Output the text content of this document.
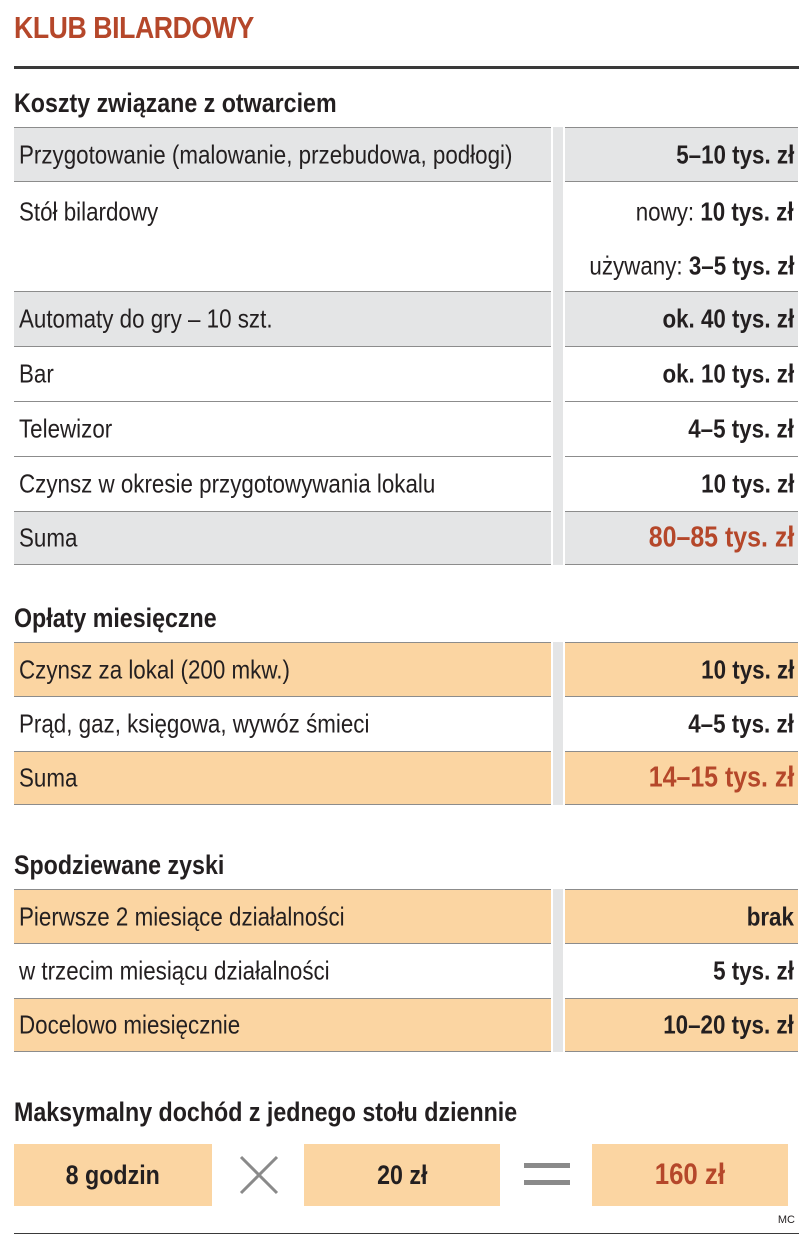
KLUB BILARDOWY
Koszty związane z otwarciem
Przygotowanie (malowanie, przebudowa, podłogi)	5–10 tys. zł
Stół bilardowy	nowy: 10 tys. zł
używany: 3–5 tys. zł
Automaty do gry – 10 szt.	ok. 40 tys. zł
Bar	ok. 10 tys. zł
Telewizor	4–5 tys. zł
Czynsz w okresie przygotowywania lokalu	10 tys. zł
Suma	80–85 tys. zł
Opłaty miesięczne
Czynsz za lokal (200 mkw.)	10 tys. zł
Prąd, gaz, księgowa, wywóz śmieci	4–5 tys. zł
Suma	14–15 tys. zł
Spodziewane zyski
Pierwsze 2 miesiące działalności	brak
w trzecim miesiącu działalności	5 tys. zł
Docelowo miesięcznie	10–20 tys. zł
Maksymalny dochód z jednego stołu dziennie
8 godzin	20 zł	160 zł
MC
